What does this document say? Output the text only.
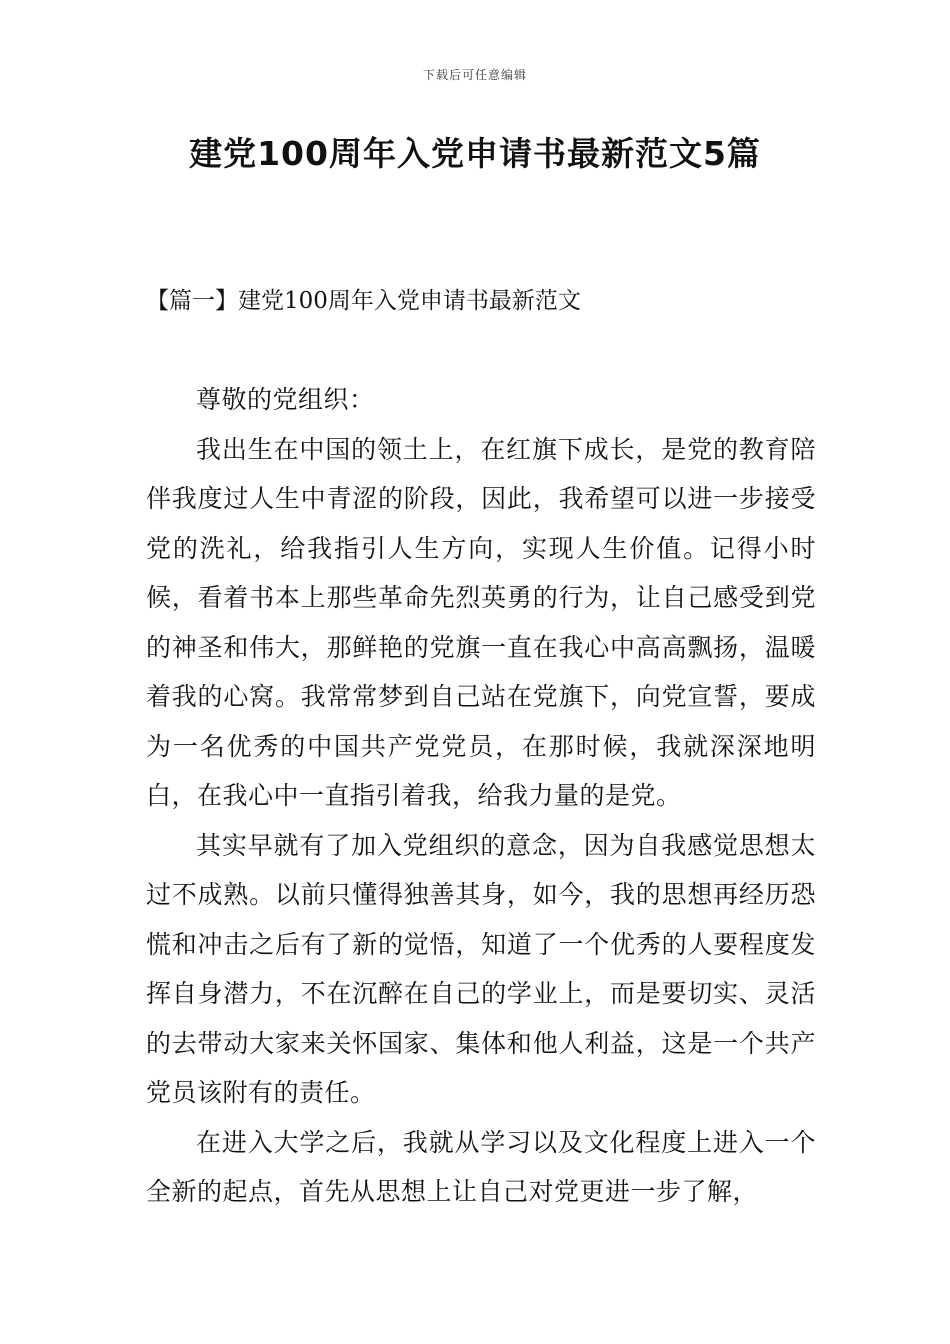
下载后可任意编辑
建党100周年入党申请书最新范文5篇
【篇一】建党100周年入党申请书最新范文

尊敬的党组织：

我出生在中国的领土上，在红旗下成长，是党的教育陪伴我度过人生中青涩的阶段，因此，我希望可以进一步接受党的洗礼，给我指引人生方向，实现人生价值。记得小时候，看着书本上那些革命先烈英勇的行为，让自己感受到党的神圣和伟大，那鲜艳的党旗一直在我心中高高飘扬，温暖着我的心窝。我常常梦到自己站在党旗下，向党宣誓，要成为一名优秀的中国共产党党员，在那时候，我就深深地明白，在我心中一直指引着我，给我力量的是党。

其实早就有了加入党组织的意念，因为自我感觉思想太过不成熟。以前只懂得独善其身，如今，我的思想再经历恐慌和冲击之后有了新的觉悟，知道了一个优秀的人要程度发挥自身潜力，不在沉醉在自己的学业上，而是要切实、灵活的去带动大家来关怀国家、集体和他人利益，这是一个共产党员该附有的责任。

在进入大学之后，我就从学习以及文化程度上进入一个全新的起点，首先从思想上让自己对党更进一步了解，
